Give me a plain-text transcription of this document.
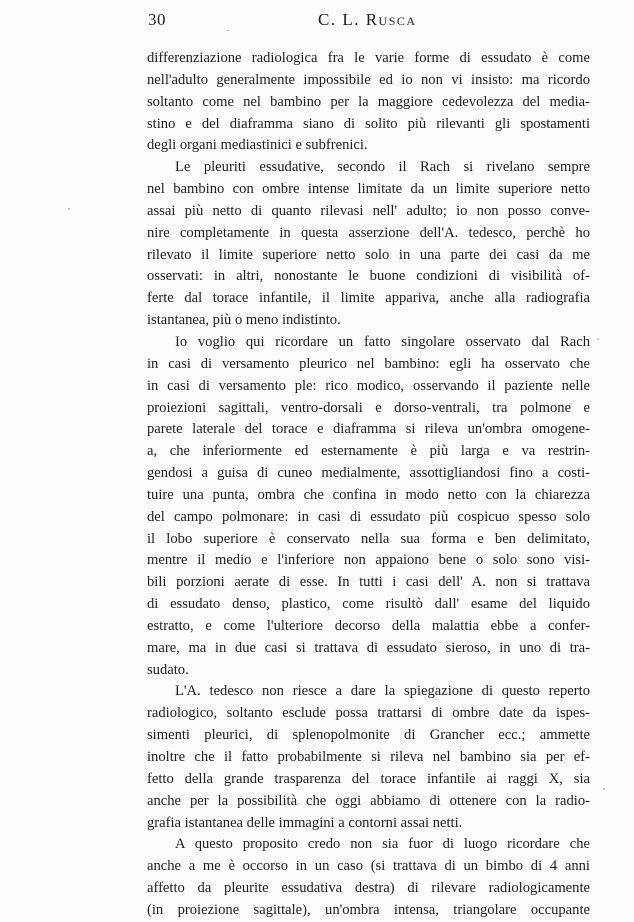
30	C. L. Rusca
differenziazione radiologica fra le varie forme di essudato è come
nell'adulto generalmente impossibile ed io non vi insisto: ma ricordo
soltanto come nel bambino per la maggiore cedevolezza del media-
stino e del diaframma siano di solito più rilevanti gli spostamenti
degli organi mediastinici e subfrenici.
Le pleuriti essudative, secondo il Rach si rivelano sempre
nel bambino con ombre intense limitate da un limite superiore netto
assai più netto di quanto rilevasi nell' adulto; io non posso conve-
nire completamente in questa asserzione dell'A. tedesco, perchè ho
rilevato il limite superiore netto solo in una parte dei casi da me
osservati: in altri, nonostante le buone condizioni di visibilità of-
ferte dal torace infantile, il limite appariva, anche alla radiografia
istantanea, più o meno indistinto.
Io voglio qui ricordare un fatto singolare osservato dal Rach
in casi di versamento pleurico nel bambino: egli ha osservato che
in casi di versamento ple: rico modico, osservando il paziente nelle
proiezioni sagittali, ventro-dorsali e dorso-ventrali, tra polmone e
parete laterale del torace e diaframma si rileva un'ombra omogene-
a, che inferiormente ed esternamente è più larga e va restrin-
gendosi a guisa di cuneo medialmente, assottigliandosi fino a costi-
tuire una punta, ombra che confina in modo netto con la chiarezza
del campo polmonare: in casi di essudato più cospicuo spesso solo
il lobo superiore è conservato nella sua forma e ben delimitato,
mentre il medio e l'inferiore non appaiono bene o solo sono visi-
bili porzioni aerate di esse. In tutti i casi dell' A. non si trattava
di essudato denso, plastico, come risultò dall' esame del liquido
estratto, e come l'ulteriore decorso della malattia ebbe a confer-
mare, ma in due casi si trattava di essudato sieroso, in uno di tra-
sudato.
L'A. tedesco non riesce a dare la spiegazione di questo reperto
radiologico, soltanto esclude possa trattarsi di ombre date da ispes-
simenti pleurici, di splenopolmonite di Grancher ecc.; ammette
inoltre che il fatto probabilmente si rileva nel bambino sia per ef-
fetto della grande trasparenza del torace infantile ai raggi X, sia
anche per la possibilità che oggi abbiamo di ottenere con la radio-
grafia istantanea delle immagini a contorni assai netti.
A questo proposito credo non sia fuor di luogo ricordare che
anche a me è occorso in un caso (si trattava di un bimbo di 4 anni
affetto da pleurite essudativa destra) di rilevare radiologicamente
(in proiezione sagittale), un'ombra intensa, triangolare occupante
